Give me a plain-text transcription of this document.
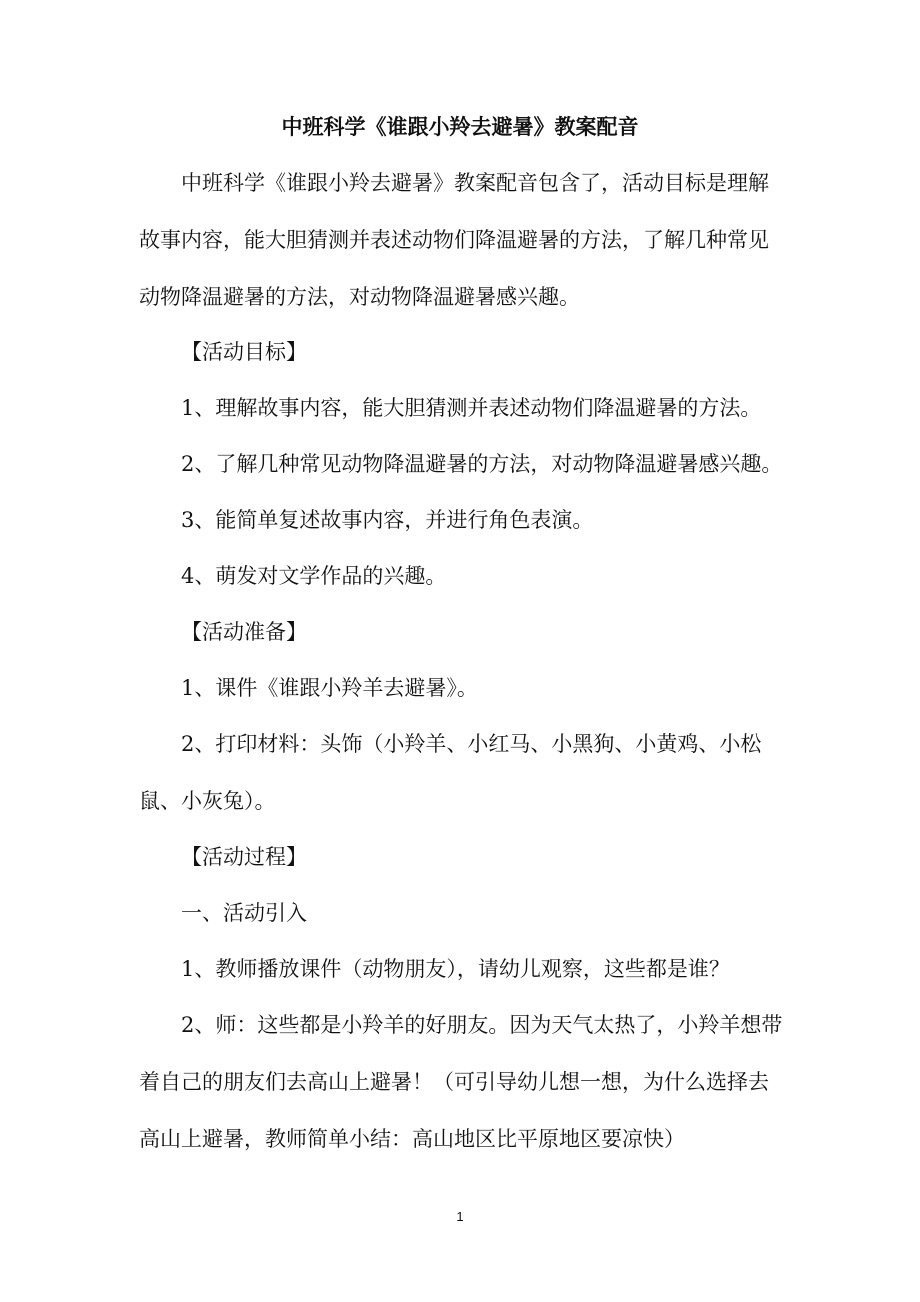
中班科学《谁跟小羚去避暑》教案配音

中班科学《谁跟小羚去避暑》教案配音包含了，活动目标是理解故事内容，能大胆猜测并表述动物们降温避暑的方法，了解几种常见动物降温避暑的方法，对动物降温避暑感兴趣。

【活动目标】
1、理解故事内容，能大胆猜测并表述动物们降温避暑的方法。
2、了解几种常见动物降温避暑的方法，对动物降温避暑感兴趣。
3、能简单复述故事内容，并进行角色表演。
4、萌发对文学作品的兴趣。
【活动准备】
1、课件《谁跟小羚羊去避暑》。

2、打印材料：头饰（小羚羊、小红马、小黑狗、小黄鸡、小松鼠、小灰兔）。

【活动过程】
一、活动引入
1、教师播放课件（动物朋友），请幼儿观察，这些都是谁？

2、师：这些都是小羚羊的好朋友。因为天气太热了，小羚羊想带着自己的朋友们去高山上避暑！（可引导幼儿想一想，为什么选择去高山上避暑，教师简单小结：高山地区比平原地区要凉快）

1
